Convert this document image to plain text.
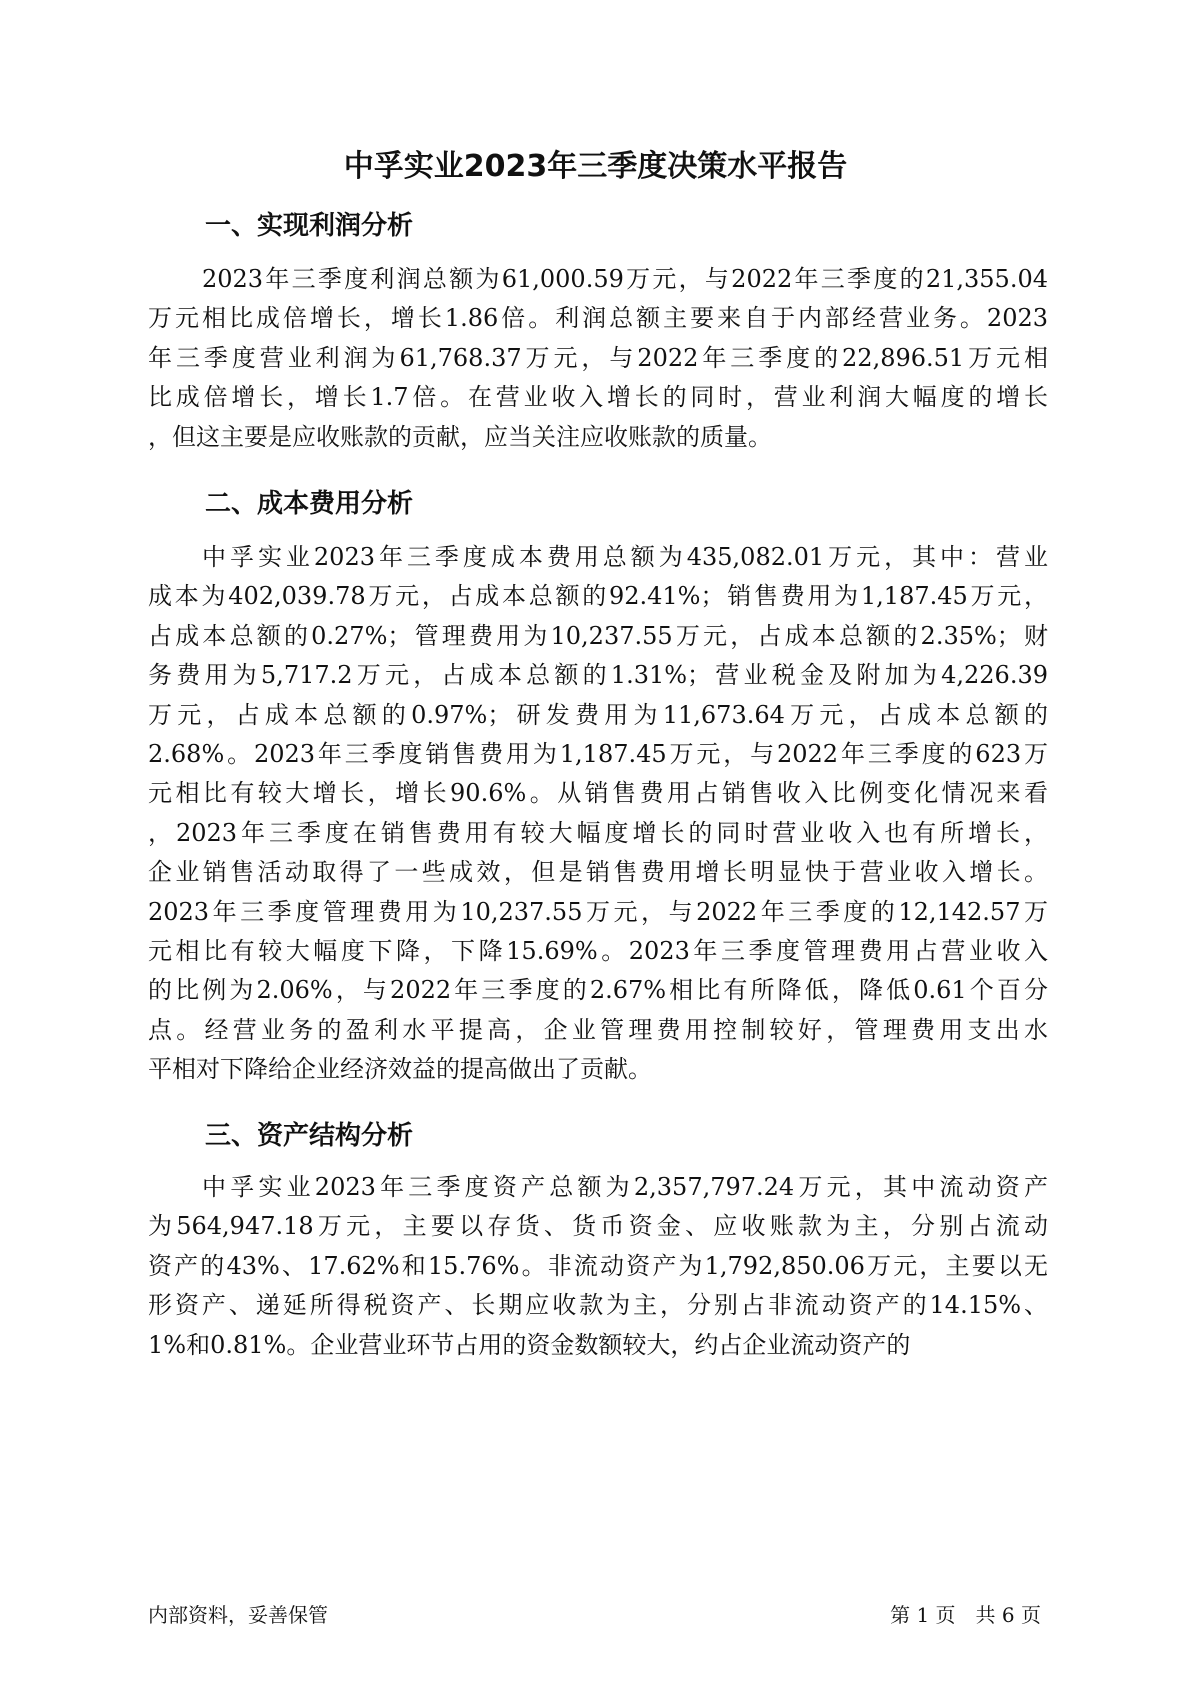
中孚实业2023年三季度决策水平报告
一、实现利润分析

2023年三季度利润总额为61,000.59万元，与2022年三季度的21,355.04
万元相比成倍增长，增长1.86倍。利润总额主要来自于内部经营业务。2023
年三季度营业利润为61,768.37万元，与2022年三季度的22,896.51万元相
比成倍增长，增长1.7倍。在营业收入增长的同时，营业利润大幅度的增长
，但这主要是应收账款的贡献，应当关注应收账款的质量。

二、成本费用分析

中孚实业2023年三季度成本费用总额为435,082.01万元，其中：营业
成本为402,039.78万元，占成本总额的92.41%；销售费用为1,187.45万元，
占成本总额的0.27%；管理费用为10,237.55万元，占成本总额的2.35%；财
务费用为5,717.2万元，占成本总额的1.31%；营业税金及附加为4,226.39
万元，占成本总额的0.97%；研发费用为11,673.64万元，占成本总额的
2.68%。2023年三季度销售费用为1,187.45万元，与2022年三季度的623万
元相比有较大增长，增长90.6%。从销售费用占销售收入比例变化情况来看
，2023年三季度在销售费用有较大幅度增长的同时营业收入也有所增长，
企业销售活动取得了一些成效，但是销售费用增长明显快于营业收入增长。
2023年三季度管理费用为10,237.55万元，与2022年三季度的12,142.57万
元相比有较大幅度下降，下降15.69%。2023年三季度管理费用占营业收入
的比例为2.06%，与2022年三季度的2.67%相比有所降低，降低0.61个百分
点。经营业务的盈利水平提高，企业管理费用控制较好，管理费用支出水
平相对下降给企业经济效益的提高做出了贡献。

三、资产结构分析

中孚实业2023年三季度资产总额为2,357,797.24万元，其中流动资产
为564,947.18万元，主要以存货、货币资金、应收账款为主，分别占流动
资产的43%、17.62%和15.76%。非流动资产为1,792,850.06万元，主要以无
形资产、递延所得税资产、长期应收款为主，分别占非流动资产的14.15%、
1%和0.81%。企业营业环节占用的资金数额较大，约占企业流动资产的

内部资料，妥善保管	第 1 页　共 6 页
